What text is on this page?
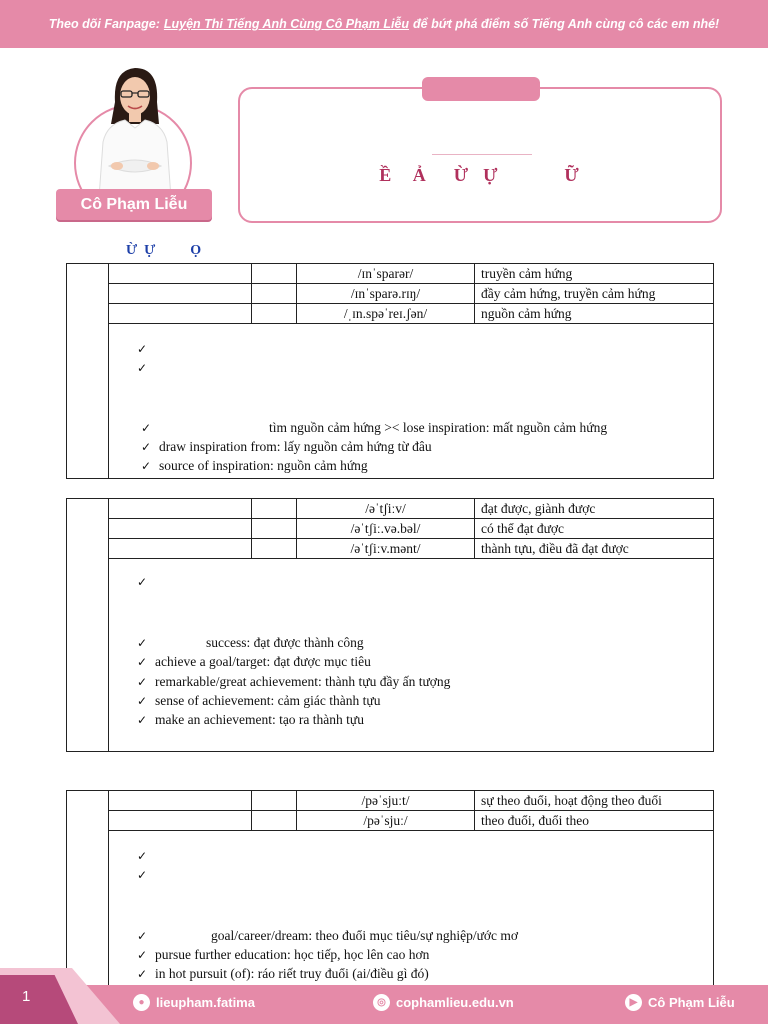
Theo dõi Fanpage: Luyện Thi Tiếng Anh Cùng Cô Phạm Liễu để bứt phá điểm số Tiếng Anh cùng cô các em nhé!
Cô Phạm Liễu
Ề   Ả    Ừ  Ự          Ữ
Ừ  Ự          Ọ
/ɪnˈsparər/	truyền cảm hứng
/ɪnˈsparə.rɪŋ/	đầy cảm hứng, truyền cảm hứng
/ˌɪn.spəˈreɪ.ʃən/	nguồn cảm hứng
✓
✓
✓	tìm nguồn cảm hứng >< lose inspiration: mất nguồn cảm hứng
✓ draw inspiration from: lấy nguồn cảm hứng từ đâu
✓ source of inspiration: nguồn cảm hứng
/əˈtʃiːv/	đạt được, giành được
/əˈtʃiː.və.bəl/	có thể đạt được
/əˈtʃiːv.mənt/	thành tựu, điều đã đạt được
✓
✓	success: đạt được thành công
✓ achieve a goal/target: đạt được mục tiêu
✓ remarkable/great achievement: thành tựu đầy ấn tượng
✓ sense of achievement: cảm giác thành tựu
✓ make an achievement: tạo ra thành tựu
/pəˈsjuːt/	sự theo đuổi, hoạt động theo đuổi
/pəˈsjuː/	theo đuổi, đuổi theo
✓
✓
✓	goal/career/dream: theo đuổi mục tiêu/sự nghiệp/ước mơ
✓ pursue further education: học tiếp, học lên cao hơn
✓ in hot pursuit (of): ráo riết truy đuổi (ai/điều gì đó)
1	● lieupham.fatima	◎ cophamlieu.edu.vn	▶ Cô Phạm Liễu
